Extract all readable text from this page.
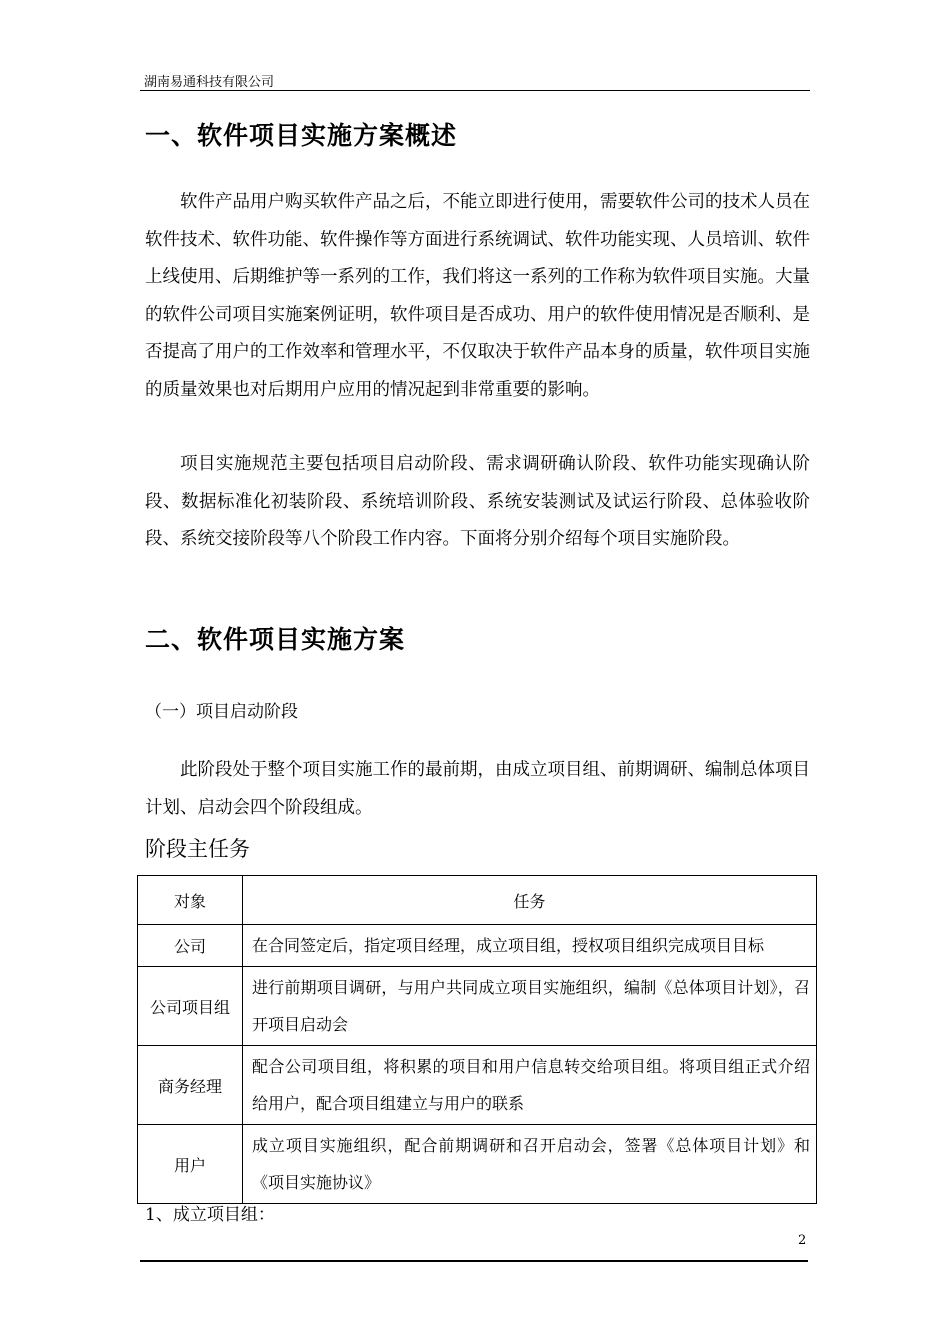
湖南易通科技有限公司
一、软件项目实施方案概述

软件产品用户购买软件产品之后，不能立即进行使用，需要软件公司的技术人员在软件技术、软件功能、软件操作等方面进行系统调试、软件功能实现、人员培训、软件上线使用、后期维护等一系列的工作，我们将这一系列的工作称为软件项目实施。大量的软件公司项目实施案例证明，软件项目是否成功、用户的软件使用情况是否顺利、是否提高了用户的工作效率和管理水平，不仅取决于软件产品本身的质量，软件项目实施的质量效果也对后期用户应用的情况起到非常重要的影响。

项目实施规范主要包括项目启动阶段、需求调研确认阶段、软件功能实现确认阶段、数据标准化初装阶段、系统培训阶段、系统安装测试及试运行阶段、总体验收阶段、系统交接阶段等八个阶段工作内容。下面将分别介绍每个项目实施阶段。

二、软件项目实施方案

（一）项目启动阶段

此阶段处于整个项目实施工作的最前期，由成立项目组、前期调研、编制总体项目计划、启动会四个阶段组成。

阶段主任务

对象	任务
公司	在合同签定后，指定项目经理，成立项目组，授权项目组织完成项目目标
公司项目组	进行前期项目调研，与用户共同成立项目实施组织，编制《总体项目计划》，召开项目启动会
商务经理	配合公司项目组，将积累的项目和用户信息转交给项目组。将项目组正式介绍给用户，配合项目组建立与用户的联系
用户	成立项目实施组织，配合前期调研和召开启动会，签署《总体项目计划》和《项目实施协议》

1、成立项目组：

2
